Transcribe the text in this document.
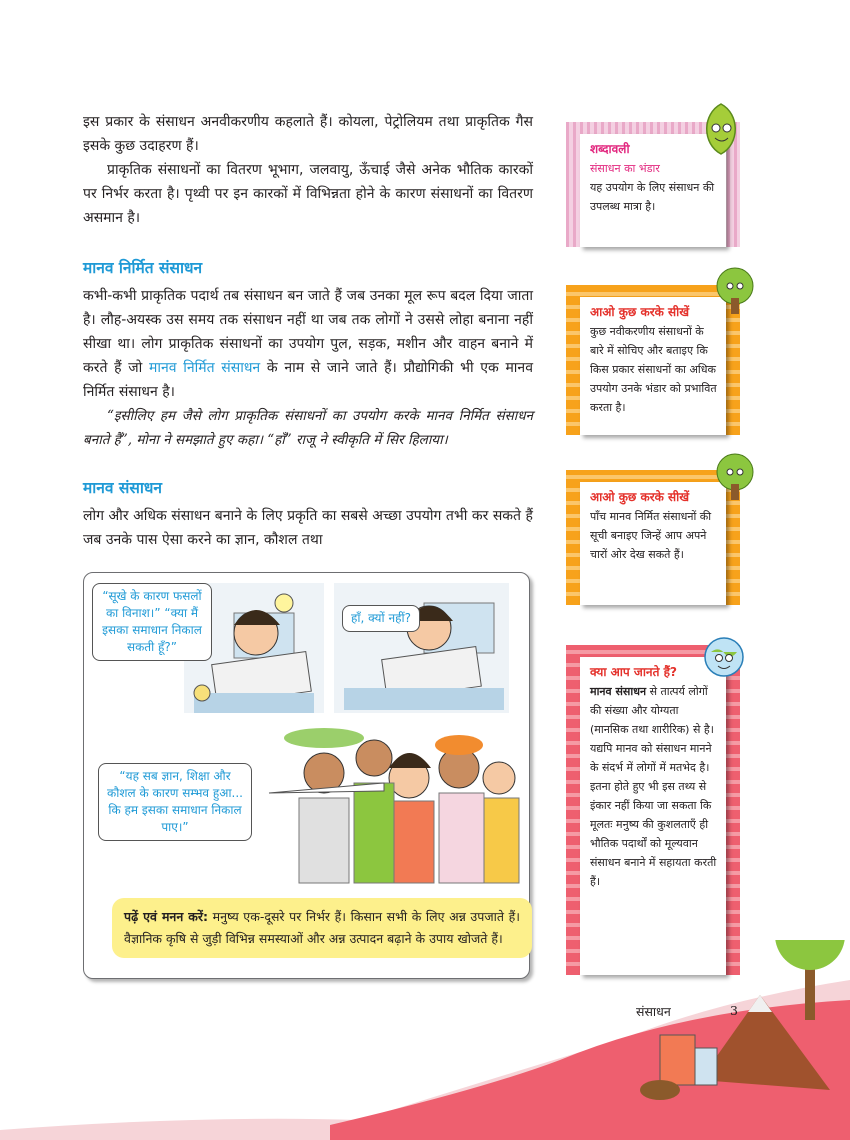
इस प्रकार के संसाधन अनवीकरणीय कहलाते हैं। कोयला, पेट्रोलियम तथा प्राकृतिक गैस इसके कुछ उदाहरण हैं।

प्राकृतिक संसाधनों का वितरण भूभाग, जलवायु, ऊँचाई जैसे अनेक भौतिक कारकों पर निर्भर करता है। पृथ्वी पर इन कारकों में विभिन्नता होने के कारण संसाधनों का वितरण असमान है।

मानव निर्मित संसाधन

कभी-कभी प्राकृतिक पदार्थ तब संसाधन बन जाते हैं जब उनका मूल रूप बदल दिया जाता है। लौह-अयस्क उस समय तक संसाधन नहीं था जब तक लोगों ने उससे लोहा बनाना नहीं सीखा था। लोग प्राकृतिक संसाधनों का उपयोग पुल, सड़क, मशीन और वाहन बनाने में करते हैं जो मानव निर्मित संसाधन के नाम से जाने जाते हैं। प्रौद्योगिकी भी एक मानव निर्मित संसाधन है।

“इसीलिए हम जैसे लोग प्राकृतिक संसाधनों का उपयोग करके मानव निर्मित संसाधन बनाते हैं”, मोना ने समझाते हुए कहा। “हाँ” राजू ने स्वीकृति में सिर हिलाया।

मानव संसाधन

लोग और अधिक संसाधन बनाने के लिए प्रकृति का सबसे अच्छा उपयोग तभी कर सकते हैं जब उनके पास ऐसा करने का ज्ञान, कौशल तथा

“सूखे के कारण फसलों का विनाश।” “क्या मैं इसका समाधान निकाल सकती हूँ?”
हाँ, क्यों नहीं?
“यह सब ज्ञान, शिक्षा और कौशल के कारण सम्भव हुआ... कि हम इसका समाधान निकाल पाए।”
पढ़ें एवं मनन करें: मनुष्य एक-दूसरे पर निर्भर हैं। किसान सभी के लिए अन्न उपजाते हैं। वैज्ञानिक कृषि से जुड़ी विभिन्न समस्याओं और अन्न उत्पादन बढ़ाने के उपाय खोजते हैं।
शब्दावली
संसाधन का भंडार
यह उपयोग के लिए संसाधन की उपलब्ध मात्रा है।
आओ कुछ करके सीखें
कुछ नवीकरणीय संसाधनों के बारे में सोचिए और बताइए कि किस प्रकार संसाधनों का अधिक उपयोग उनके भंडार को प्रभावित करता है।
आओ कुछ करके सीखें
पाँच मानव निर्मित संसाधनों की सूची बनाइए जिन्हें आप अपने चारों ओर देख सकते हैं।
क्या आप जानते हैं?
मानव संसाधन से तात्पर्य लोगों की संख्या और योग्यता (मानसिक तथा शारीरिक) से है। यद्यपि मानव को संसाधन मानने के संदर्भ में लोगों में मतभेद है। इतना होते हुए भी इस तथ्य से इंकार नहीं किया जा सकता कि मूलतः मनुष्य की कुशलताएँ ही भौतिक पदार्थों को मूल्यवान संसाधन बनाने में सहायता करती हैं।
संसाधन	3
